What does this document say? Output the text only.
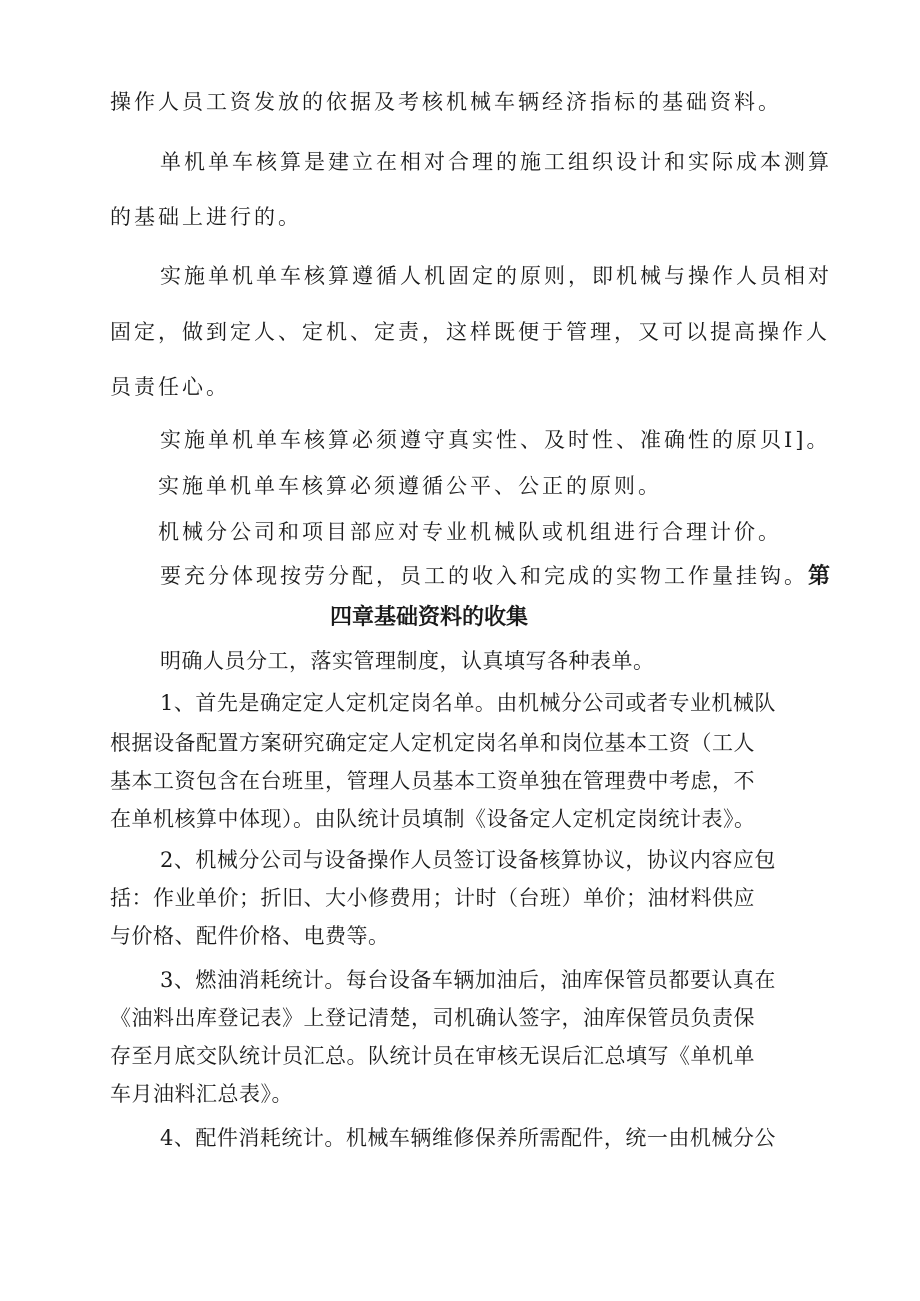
操作人员工资发放的依据及考核机械车辆经济指标的基础资料。
单机单车核算是建立在相对合理的施工组织设计和实际成本测算
的基础上进行的。
实施单机单车核算遵循人机固定的原则，即机械与操作人员相对
固定，做到定人、定机、定责，这样既便于管理，又可以提高操作人
员责任心。
实施单机单车核算必须遵守真实性、及时性、准确性的原贝I]。
实施单机单车核算必须遵循公平、公正的原则。
机械分公司和项目部应对专业机械队或机组进行合理计价。
要充分体现按劳分配，员工的收入和完成的实物工作量挂钩。第
四章基础资料的收集
明确人员分工，落实管理制度，认真填写各种表单。
1、首先是确定定人定机定岗名单。由机械分公司或者专业机械队
根据设备配置方案研究确定定人定机定岗名单和岗位基本工资（工人
基本工资包含在台班里，管理人员基本工资单独在管理费中考虑，不
在单机核算中体现）。由队统计员填制《设备定人定机定岗统计表》。
2、机械分公司与设备操作人员签订设备核算协议，协议内容应包
括：作业单价；折旧、大小修费用；计时（台班）单价；油材料供应
与价格、配件价格、电费等。
3、燃油消耗统计。每台设备车辆加油后，油库保管员都要认真在
《油料出库登记表》上登记清楚，司机确认签字，油库保管员负责保
存至月底交队统计员汇总。队统计员在审核无误后汇总填写《单机单
车月油料汇总表》。
4、配件消耗统计。机械车辆维修保养所需配件，统一由机械分公
